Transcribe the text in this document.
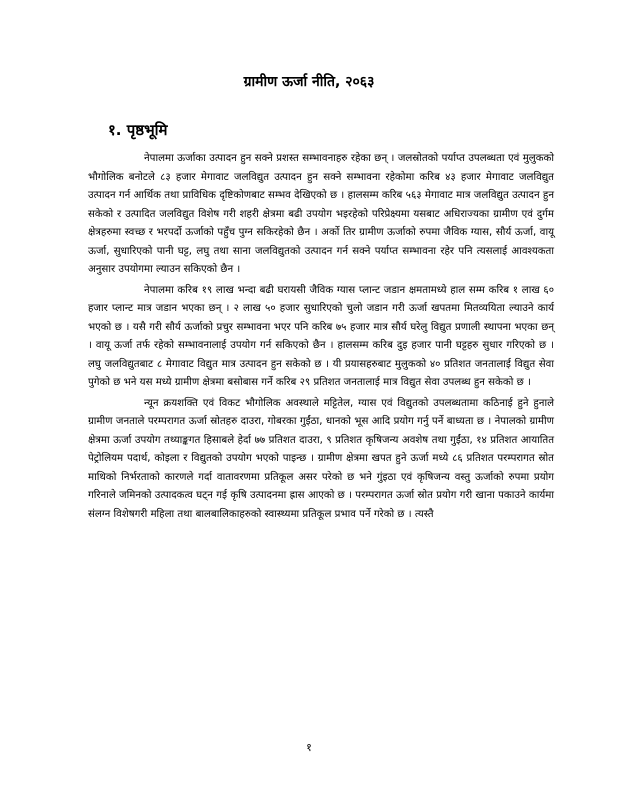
ग्रामीण ऊर्जा नीति, २०६३
१. पृष्ठभूमि

नेपालमा ऊर्जाका उत्पादन हुन सक्ने प्रशस्त सम्भावनाहरु रहेका छन् । जलस्रोतको पर्याप्त उपलब्धता एवं मुलुकको भौगोलिक बनोटले ८३ हजार मेगावाट जलविद्युत उत्पादन हुन सक्ने सम्भावना रहेकोमा करिब ४३ हजार मेगावाट जलविद्युत उत्पादन गर्न आर्थिक तथा प्राविधिक दृष्टिकोणबाट सम्भव देखिएको छ । हालसम्म करिब ५६३ मेगावाट मात्र जलविद्युत उत्पादन हुन सकेको र उत्पादित जलविद्युत विशेष गरी शहरी क्षेत्रमा बढी उपयोग भइरहेको परिप्रेक्ष्यमा यसबाट अधिराज्यका ग्रामीण एवं दुर्गम क्षेत्रहरुमा स्वच्छ र भरपर्दो ऊर्जाको पहुँच पुग्न सकिरहेको छैन । अर्को तिर ग्रामीण ऊर्जाको रुपमा जैविक ग्यास, सौर्य ऊर्जा, वायू ऊर्जा, सुधारिएको पानी घट्ट, लघु तथा साना जलविद्युतको उत्पादन गर्न सक्ने पर्याप्त सम्भावना रहेर पनि त्यसलाई आवश्यकता अनुसार उपयोगमा ल्याउन सकिएको छैन ।

नेपालमा करिब १९ लाख भन्दा बढी घरायसी जैविक ग्यास प्लान्ट जडान क्षमतामध्ये हाल सम्म करिब १ लाख ६० हजार प्लान्ट मात्र जडान भएका छन् । २ लाख ५० हजार सुधारिएको चुलो जडान गरी ऊर्जा खपतमा मितव्ययिता ल्याउने कार्य भएको छ । यसै गरी सौर्य ऊर्जाको प्रचुर सम्भावना भएर पनि करिब ७५ हजार मात्र सौर्य घरेलु विद्युत प्रणाली स्थापना भएका छन् । वायू ऊर्जा तर्फ रहेको सम्भावनालाई उपयोग गर्न सकिएको छैन । हालसम्म करिब दुइ हजार पानी घट्टहरु सुधार गरिएको छ । लघु जलविद्युतबाट ८ मेगावाट विद्युत मात्र उत्पादन हुन सकेको छ । यी प्रयासहरुबाट मुलुकको ४० प्रतिशत जनतालाई विद्युत सेवा पुगेको छ भने यस मध्ये ग्रामीण क्षेत्रमा बसोबास गर्ने करिब २९ प्रतिशत जनतालाई मात्र विद्युत सेवा उपलब्ध हुन सकेको छ ।

न्यून क्रयशक्ति एवं विकट भौगोलिक अवस्थाले मट्टितेल, ग्यास एवं विद्युतको उपलब्धतामा कठिनाई हुने हुनाले ग्रामीण जनताले परम्परागत ऊर्जा स्रोतहरु दाउरा, गोबरका गुईंठा, धानको भूस आदि प्रयोग गर्नु पर्ने बाध्यता छ । नेपालको ग्रामीण क्षेत्रमा ऊर्जा उपयोग तथ्याङ्कगत हिसाबले हेर्दा ७७ प्रतिशत दाउरा, ९ प्रतिशत कृषिजन्य अवशेष तथा गुईंठा, १४ प्रतिशत आयातित पेट्रोलियम पदार्थ, कोइला र विद्युतको उपयोग भएको पाइन्छ । ग्रामीण क्षेत्रमा खपत हुने ऊर्जा मध्ये ८६ प्रतिशत परम्परागत स्रोत माथिको निर्भरताको कारणले गर्दा वातावरणमा प्रतिकूल असर परेको छ भने गुंइठा एवं कृषिजन्य वस्तु ऊर्जाको रुपमा प्रयोग गरिनाले जमिनको उत्पादकत्व घट्न गई कृषि उत्पादनमा ह्रास आएको छ । परम्परागत ऊर्जा स्रोत प्रयोग गरी खाना पकाउने कार्यमा संलग्न विशेषगरी महिला तथा बालबालिकाहरुको स्वास्थ्यमा प्रतिकूल प्रभाव पर्ने गरेको छ । त्यस्तै

१
